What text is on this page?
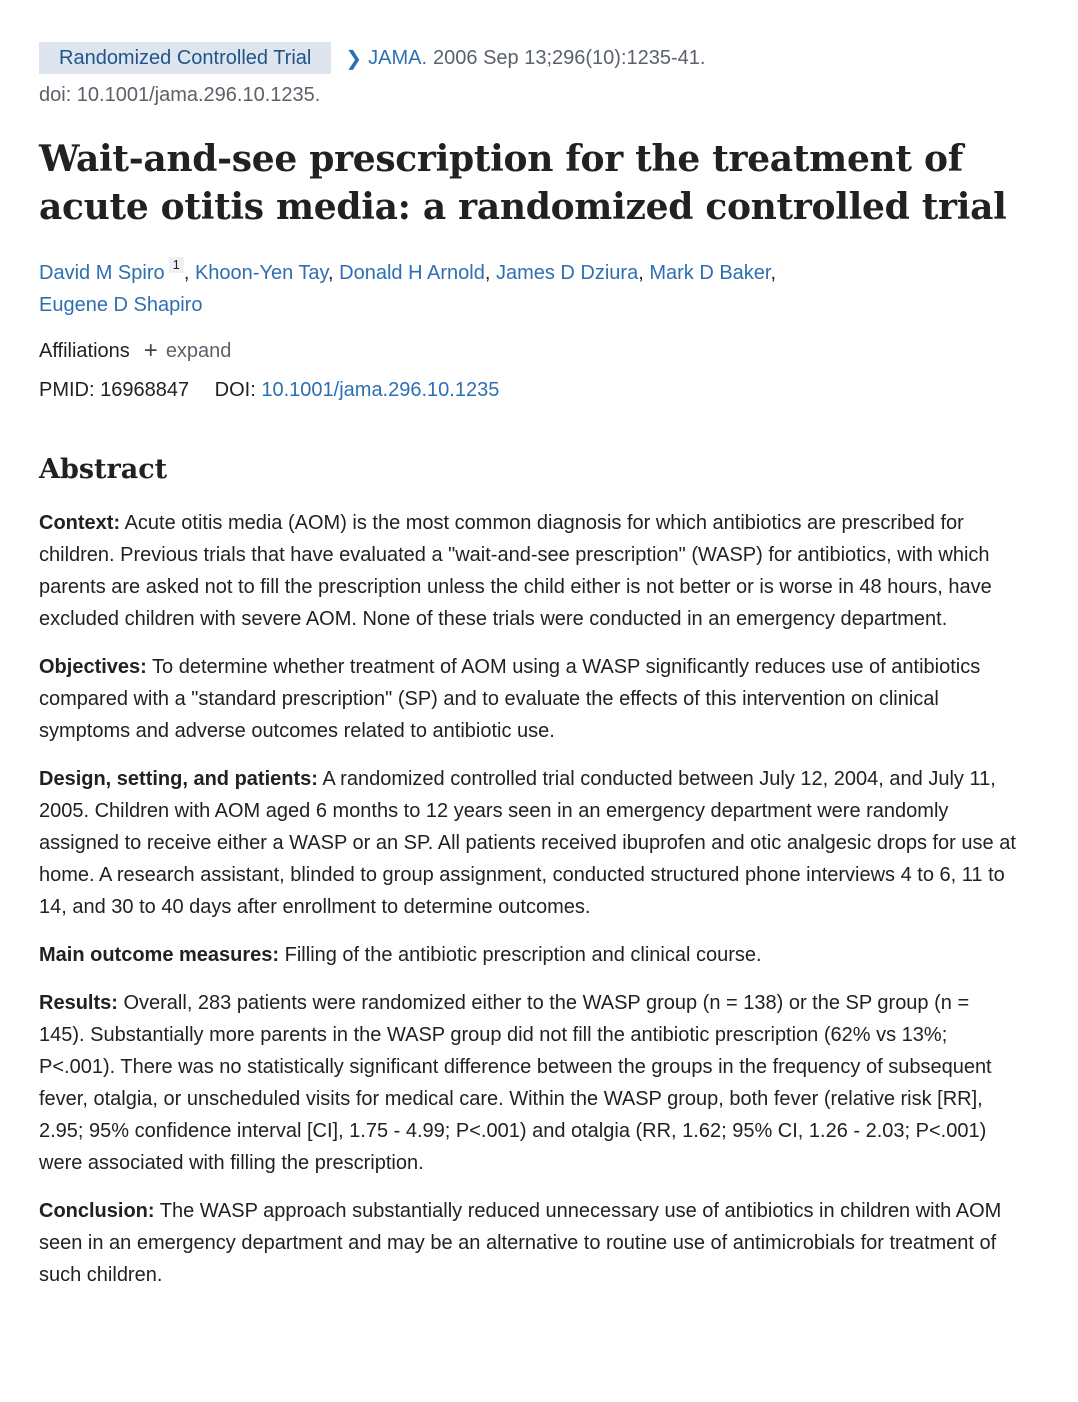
Randomized Controlled Trial	❯ JAMA. 2006 Sep 13;296(10):1235-41.
doi: 10.1001/jama.296.10.1235.
Wait-and-see prescription for the treatment of acute otitis media: a randomized controlled trial
David M Spiro 1 , Khoon-Yen Tay, Donald H Arnold, James D Dziura, Mark D Baker,
Eugene D Shapiro
Affiliations + expand
PMID: 16968847 DOI: 10.1001/jama.296.10.1235
Abstract

Context: Acute otitis media (AOM) is the most common diagnosis for which antibiotics are prescribed for children. Previous trials that have evaluated a "wait-and-see prescription" (WASP) for antibiotics, with which parents are asked not to fill the prescription unless the child either is not better or is worse in 48 hours, have excluded children with severe AOM. None of these trials were conducted in an emergency department.

Objectives: To determine whether treatment of AOM using a WASP significantly reduces use of antibiotics compared with a "standard prescription" (SP) and to evaluate the effects of this intervention on clinical symptoms and adverse outcomes related to antibiotic use.

Design, setting, and patients: A randomized controlled trial conducted between July 12, 2004, and July 11, 2005. Children with AOM aged 6 months to 12 years seen in an emergency department were randomly assigned to receive either a WASP or an SP. All patients received ibuprofen and otic analgesic drops for use at home. A research assistant, blinded to group assignment, conducted structured phone interviews 4 to 6, 11 to 14, and 30 to 40 days after enrollment to determine outcomes.

Main outcome measures: Filling of the antibiotic prescription and clinical course.

Results: Overall, 283 patients were randomized either to the WASP group (n = 138) or the SP group (n = 145). Substantially more parents in the WASP group did not fill the antibiotic prescription (62% vs 13%; P<.001). There was no statistically significant difference between the groups in the frequency of subsequent fever, otalgia, or unscheduled visits for medical care. Within the WASP group, both fever (relative risk [RR], 2.95; 95% confidence interval [CI], 1.75 - 4.99; P<.001) and otalgia (RR, 1.62; 95% CI, 1.26 - 2.03; P<.001) were associated with filling the prescription.

Conclusion: The WASP approach substantially reduced unnecessary use of antibiotics in children with AOM seen in an emergency department and may be an alternative to routine use of antimicrobials for treatment of such children.
